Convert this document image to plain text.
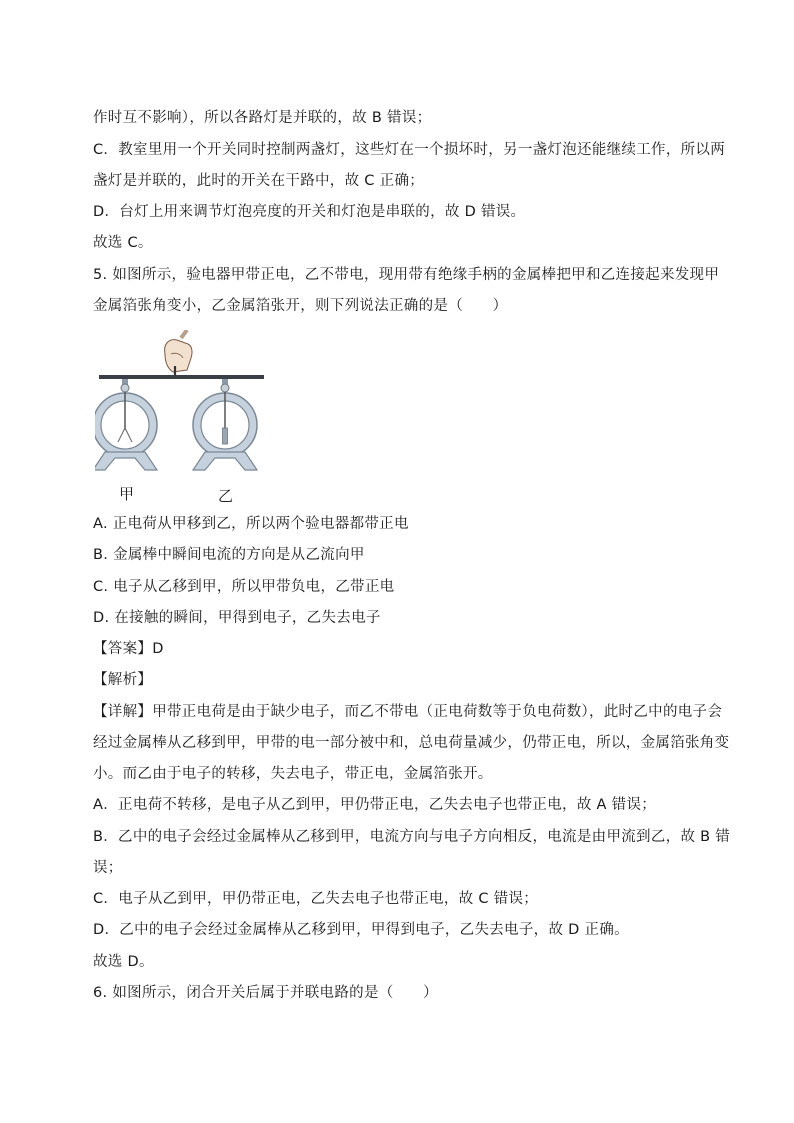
作时互不影响），所以各路灯是并联的，故 B 错误；
C．教室里用一个开关同时控制两盏灯，这些灯在一个损坏时，另一盏灯泡还能继续工作，所以两
盏灯是并联的，此时的开关在干路中，故 C 正确；
D．台灯上用来调节灯泡亮度的开关和灯泡是串联的，故 D 错误。
故选 C。
5. 如图所示，验电器甲带正电，乙不带电，现用带有绝缘手柄的金属棒把甲和乙连接起来发现甲
金属箔张角变小，乙金属箔张开，则下列说法正确的是（　　）
甲	乙
A. 正电荷从甲移到乙，所以两个验电器都带正电
B. 金属棒中瞬间电流的方向是从乙流向甲
C. 电子从乙移到甲，所以甲带负电，乙带正电
D. 在接触的瞬间，甲得到电子，乙失去电子
【答案】D
【解析】
【详解】甲带正电荷是由于缺少电子，而乙不带电（正电荷数等于负电荷数），此时乙中的电子会
经过金属棒从乙移到甲，甲带的电一部分被中和，总电荷量减少，仍带正电，所以，金属箔张角变
小。而乙由于电子的转移，失去电子，带正电，金属箔张开。
A．正电荷不转移，是电子从乙到甲，甲仍带正电，乙失去电子也带正电，故 A 错误；
B．乙中的电子会经过金属棒从乙移到甲，电流方向与电子方向相反，电流是由甲流到乙，故 B 错
误；
C．电子从乙到甲，甲仍带正电，乙失去电子也带正电，故 C 错误；
D．乙中的电子会经过金属棒从乙移到甲，甲得到电子，乙失去电子，故 D 正确。
故选 D。
6. 如图所示，闭合开关后属于并联电路的是（　　）
